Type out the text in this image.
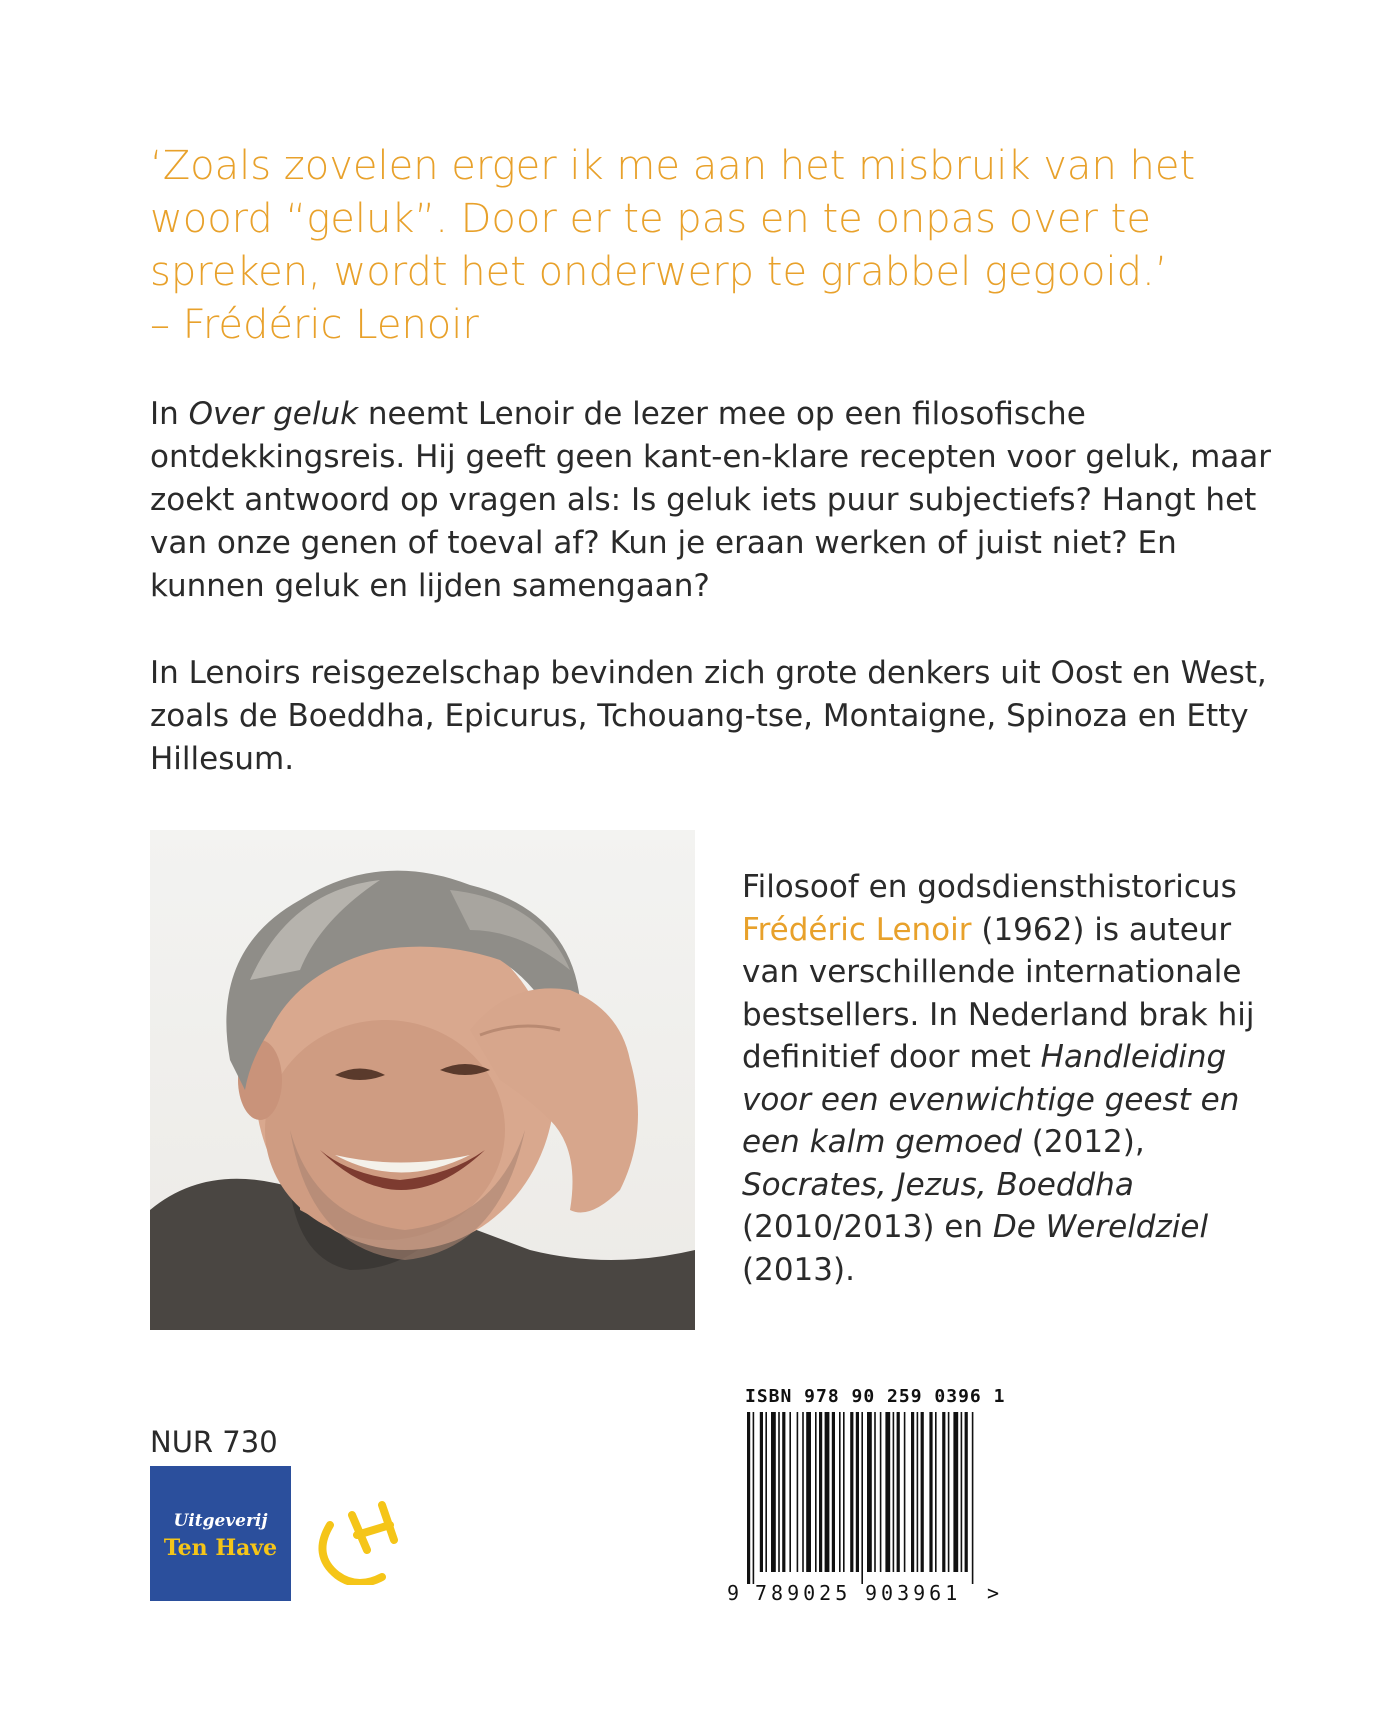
‘Zoals zovelen erger ik me aan het misbruik van het woord “geluk”. Door er te pas en te onpas over te spreken, wordt het onderwerp te grabbel gegooid.’
– Frédéric Lenoir

In Over geluk neemt Lenoir de lezer mee op een filosofische ontdekkingsreis. Hij geeft geen kant-en-klare recepten voor geluk, maar zoekt antwoord op vragen als: Is geluk iets puur subjectiefs? Hangt het van onze genen of toeval af? Kun je eraan werken of juist niet? En kunnen geluk en lijden samengaan?

In Lenoirs reisgezelschap bevinden zich grote denkers uit Oost en West, zoals de Boeddha, Epicurus, Tchouang-tse, Montaigne, Spinoza en Etty Hillesum.

Filosoof en godsdiensthistoricus Frédéric Lenoir (1962) is auteur van verschillende internationale bestsellers. In Nederland brak hij definitief door met Handleiding voor een evenwichtige geest en een kalm gemoed (2012), Socrates, Jezus, Boeddha (2010/2013) en De Wereldziel (2013).

NUR 730
Uitgeverij
Ten Have
ISBN 978 90 259 0396 1
9 789025 903961 >
